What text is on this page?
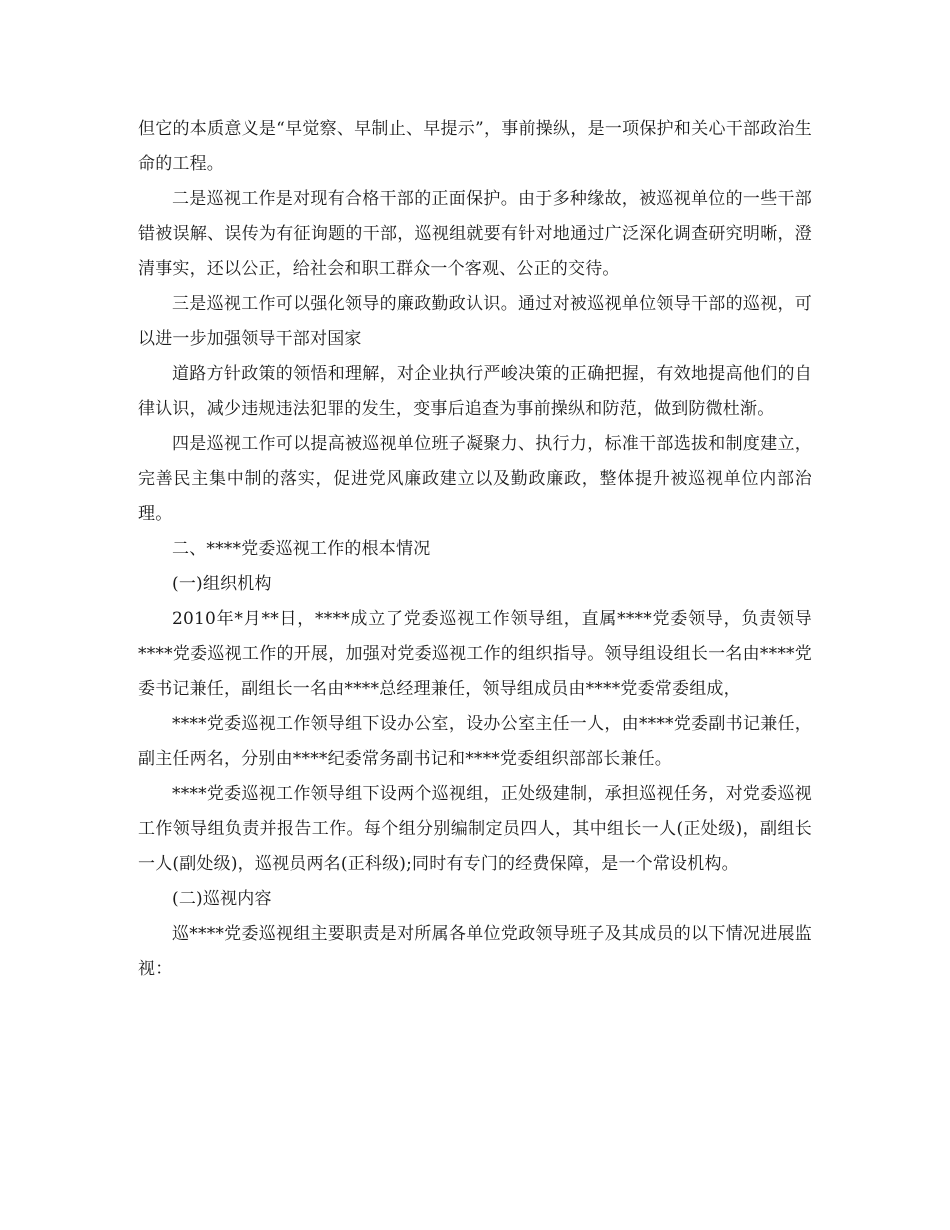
但它的本质意义是“早觉察、早制止、早提示”，事前操纵，是一项保护和关心干部政治生命的工程。

二是巡视工作是对现有合格干部的正面保护。由于多种缘故，被巡视单位的一些干部错被误解、误传为有征询题的干部，巡视组就要有针对地通过广泛深化调查研究明晰，澄清事实，还以公正，给社会和职工群众一个客观、公正的交待。

三是巡视工作可以强化领导的廉政勤政认识。通过对被巡视单位领导干部的巡视，可以进一步加强领导干部对国家

道路方针政策的领悟和理解，对企业执行严峻决策的正确把握，有效地提高他们的自律认识，减少违规违法犯罪的发生，变事后追查为事前操纵和防范，做到防微杜渐。

四是巡视工作可以提高被巡视单位班子凝聚力、执行力，标准干部选拔和制度建立，完善民主集中制的落实，促进党风廉政建立以及勤政廉政，整体提升被巡视单位内部治理。

二、****党委巡视工作的根本情况

(一)组织机构

2010年*月**日，****成立了党委巡视工作领导组，直属****党委领导，负责领导****党委巡视工作的开展，加强对党委巡视工作的组织指导。领导组设组长一名由****党委书记兼任，副组长一名由****总经理兼任，领导组成员由****党委常委组成，

****党委巡视工作领导组下设办公室，设办公室主任一人，由****党委副书记兼任，副主任两名，分别由****纪委常务副书记和****党委组织部部长兼任。

****党委巡视工作领导组下设两个巡视组，正处级建制，承担巡视任务，对党委巡视工作领导组负责并报告工作。每个组分别编制定员四人，其中组长一人(正处级)，副组长一人(副处级)，巡视员两名(正科级);同时有专门的经费保障，是一个常设机构。

(二)巡视内容

巡****党委巡视组主要职责是对所属各单位党政领导班子及其成员的以下情况进展监视：
